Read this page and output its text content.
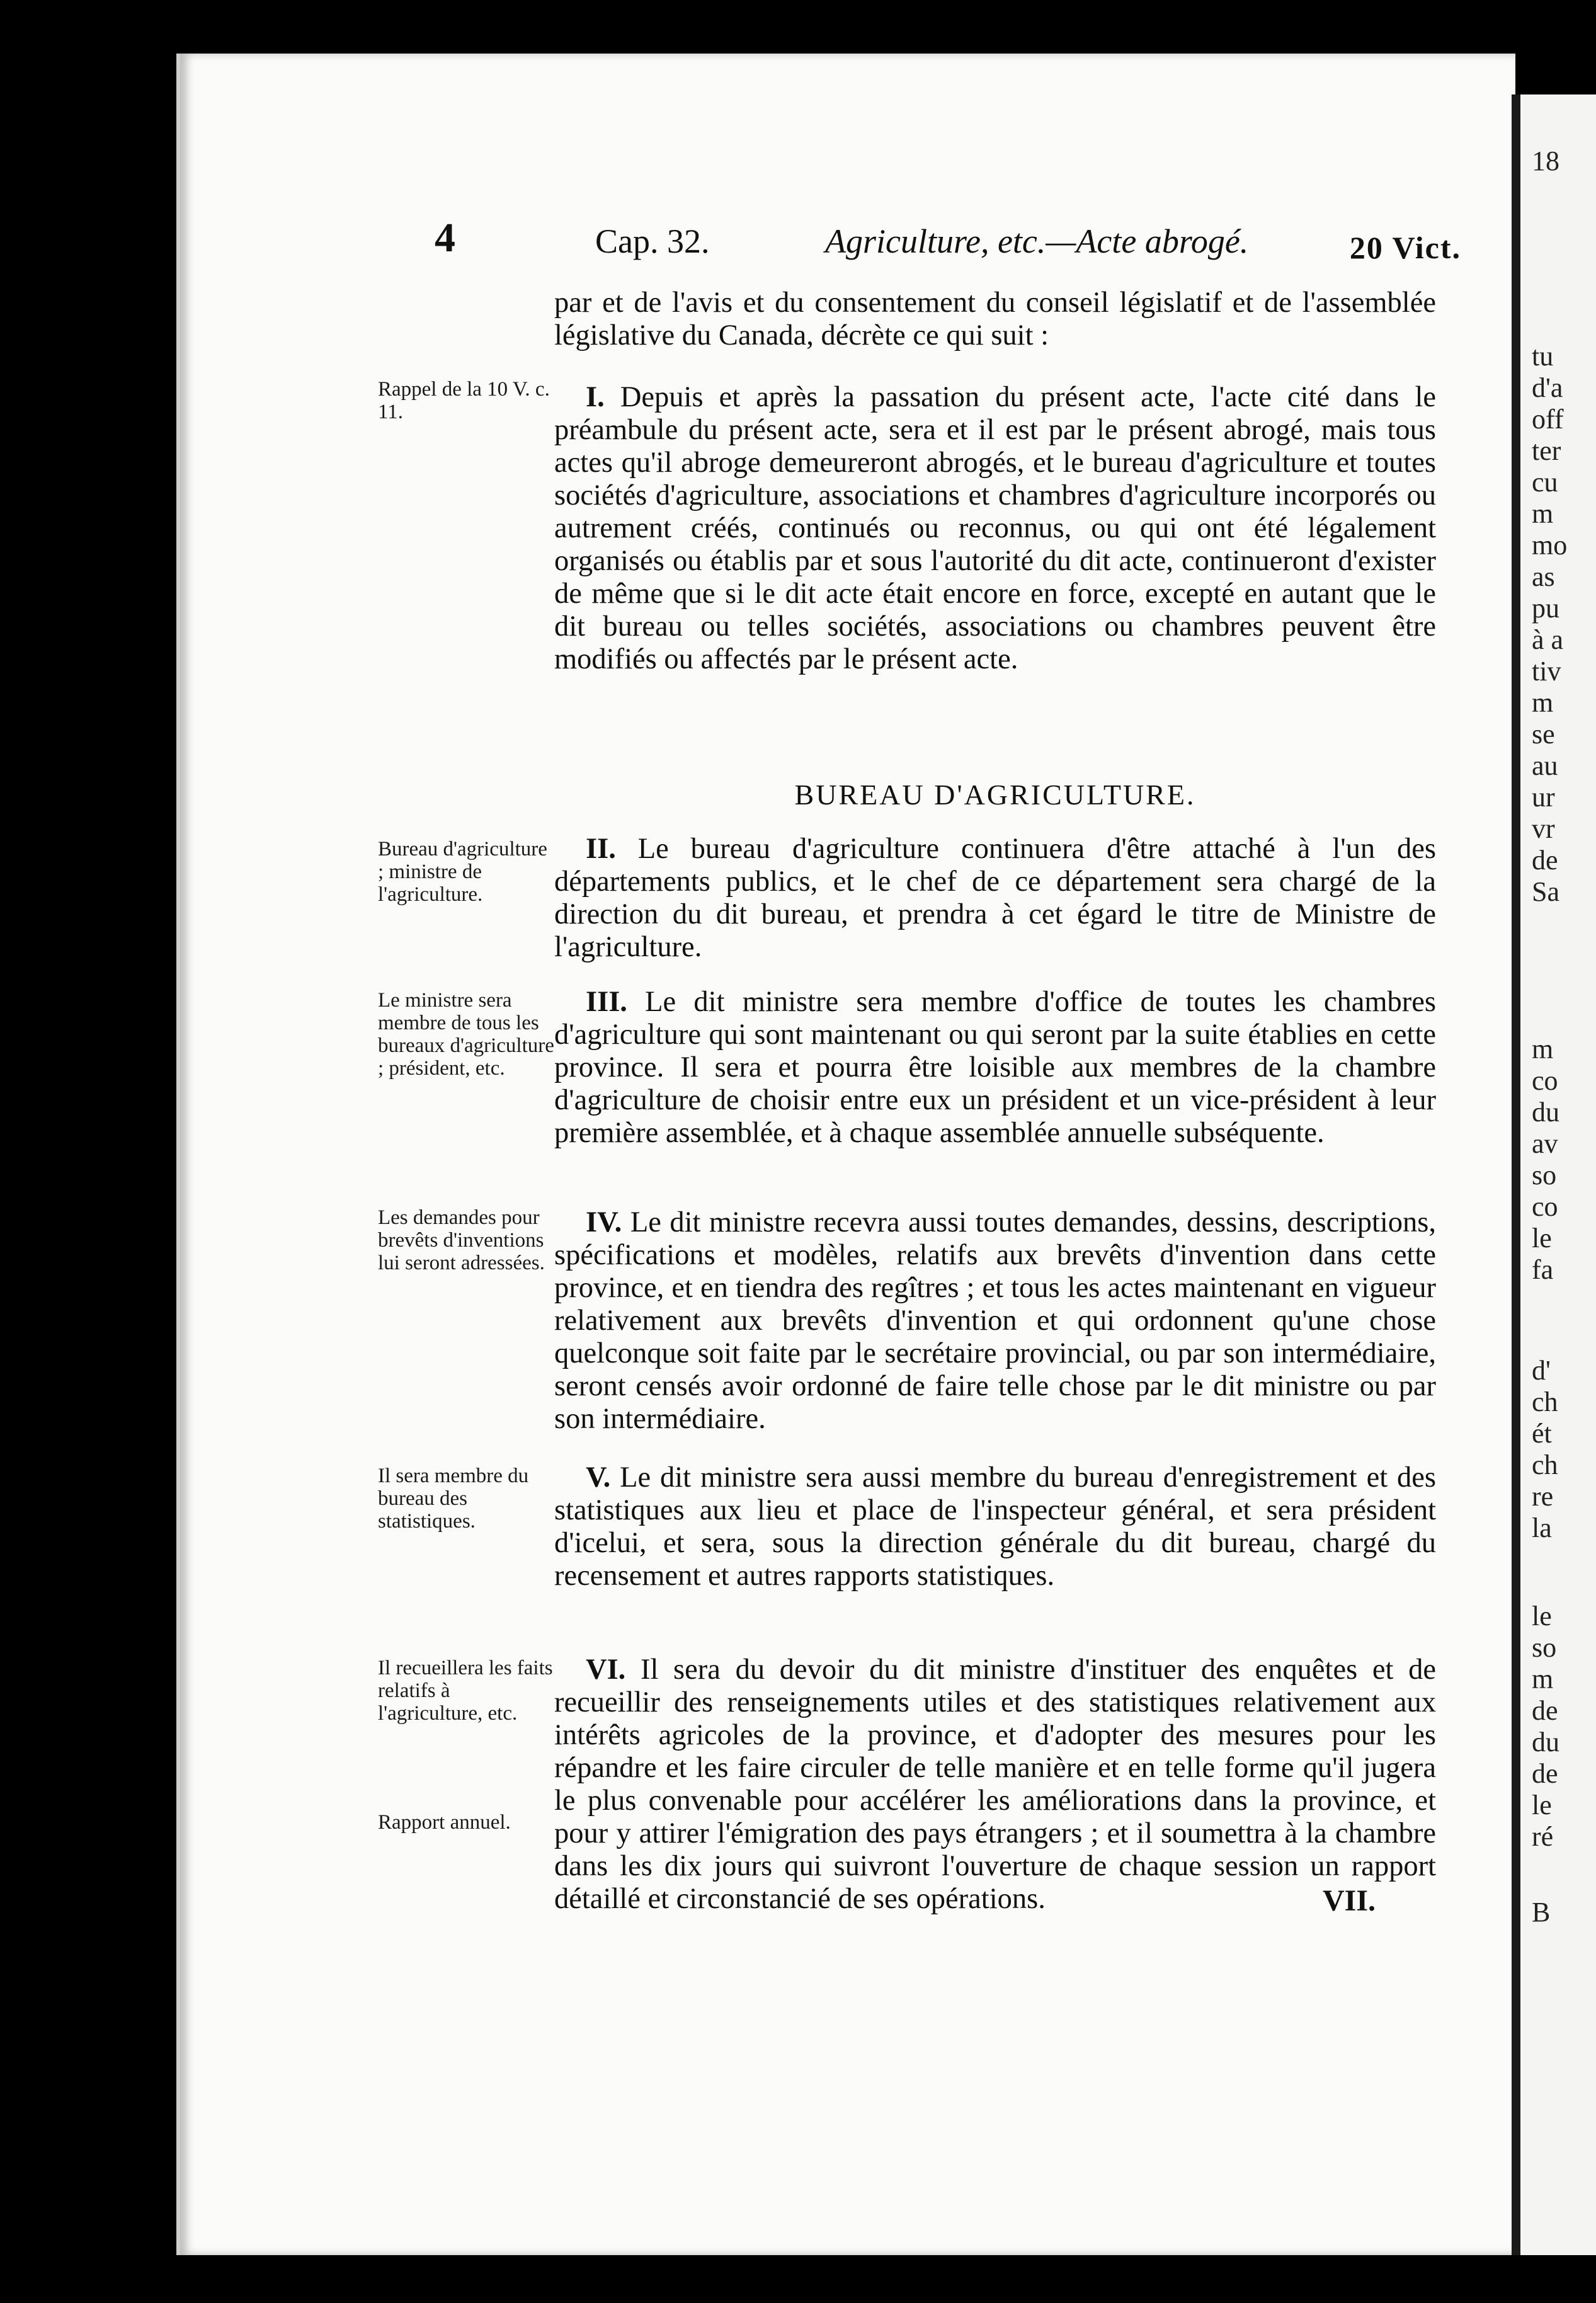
4	Cap. 32.	Agriculture, etc.—Acte abrogé.	20 Vict.
par et de l'avis et du consentement du conseil législatif et de l'assemblée législative du Canada, décrète ce qui suit :
Rappel de la 10 V. c. 11.	I. Depuis et après la passation du présent acte, l'acte cité dans le préambule du présent acte, sera et il est par le présent abrogé, mais tous actes qu'il abroge demeureront abrogés, et le bureau d'agriculture et toutes sociétés d'agriculture, associations et chambres d'agriculture incorporés ou autrement créés, continués ou reconnus, ou qui ont été légalement organisés ou établis par et sous l'autorité du dit acte, continueront d'exister de même que si le dit acte était encore en force, excepté en autant que le dit bureau ou telles sociétés, associations ou chambres peuvent être modifiés ou affectés par le présent acte.
BUREAU D'AGRICULTURE.
Bureau d'agriculture ; ministre de l'agriculture.
II. Le bureau d'agriculture continuera d'être attaché à l'un des départements publics, et le chef de ce département sera chargé de la direction du dit bureau, et prendra à cet égard le titre de Ministre de l'agriculture.
Le ministre sera membre de tous les bureaux d'agriculture ; président, etc.
III. Le dit ministre sera membre d'office de toutes les chambres d'agriculture qui sont maintenant ou qui seront par la suite établies en cette province. Il sera et pourra être loisible aux membres de la chambre d'agriculture de choisir entre eux un président et un vice-président à leur première assemblée, et à chaque assemblée annuelle subséquente.
Les demandes pour brevêts d'inventions lui seront adressées.
IV. Le dit ministre recevra aussi toutes demandes, dessins, descriptions, spécifications et modèles, relatifs aux brevêts d'invention dans cette province, et en tiendra des regîtres ; et tous les actes maintenant en vigueur relativement aux brevêts d'invention et qui ordonnent qu'une chose quelconque soit faite par le secrétaire provincial, ou par son intermédiaire, seront censés avoir ordonné de faire telle chose par le dit ministre ou par son intermédiaire.
Il sera membre du bureau des statistiques.
V. Le dit ministre sera aussi membre du bureau d'enregistrement et des statistiques aux lieu et place de l'inspecteur général, et sera président d'icelui, et sera, sous la direction générale du dit bureau, chargé du recensement et autres rapports statistiques.
Il recueillera les faits relatifs à l'agriculture, etc.
Rapport annuel.
VI. Il sera du devoir du dit ministre d'instituer des enquêtes et de recueillir des renseignements utiles et des statistiques relativement aux intérêts agricoles de la province, et d'adopter des mesures pour les répandre et les faire circuler de telle manière et en telle forme qu'il jugera le plus convenable pour accélérer les améliorations dans la province, et pour y attirer l'émigration des pays étrangers ; et il soumettra à la chambre dans les dix jours qui suivront l'ouverture de chaque session un rapport détaillé et circonstancié de ses opérations.	VII.
18
tu
d'a
off
ter
cu
m
mo
as
pu
à a
tiv
m
se
au
ur
vr
de
Sa
m
co
du
av
so
co
le
fa
d'
ch
ét
ch
re
la
le
so
m
de
du
de
le
ré
B
